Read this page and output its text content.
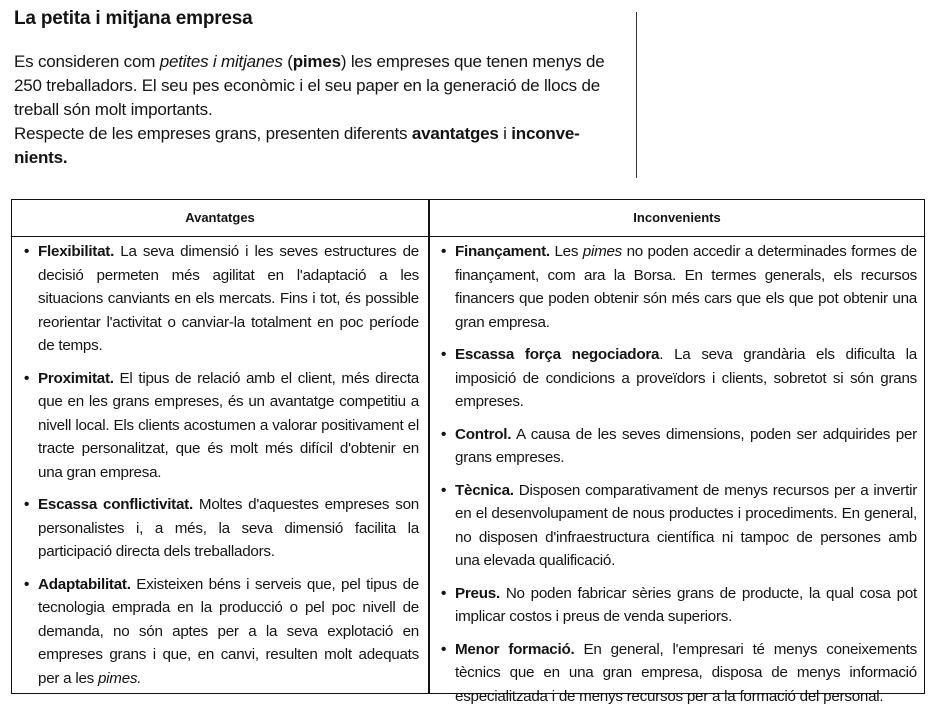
La petita i mitjana empresa
Es consideren com petites i mitjanes (pimes) les empreses que tenen menys de 250 treballadors. El seu pes econòmic i el seu paper en la generació de llocs de treball són molt importants.
Respecte de les empreses grans, presenten diferents avantatges i inconve-nients.
Avantatges	Inconvenients
• Flexibilitat. La seva dimensió i les seves estructures de decisió permeten més agilitat en l'adaptació a les situacions canviants en els mercats. Fins i tot, és possible reorientar l'activitat o canviar-la totalment en poc període de temps.
• Proximitat. El tipus de relació amb el client, més directa que en les grans empreses, és un avantatge competitiu a nivell local. Els clients acostumen a valorar positivament el tracte personalitzat, que és molt més difícil d'obtenir en una gran empresa.
• Escassa conflictivitat. Moltes d'aquestes empreses son personalistes i, a més, la seva dimensió facilita la participació directa dels treballadors.
• Adaptabilitat. Existeixen béns i serveis que, pel tipus de tecnologia emprada en la producció o pel poc nivell de demanda, no són aptes per a la seva explotació en empreses grans i que, en canvi, resulten molt adequats per a les pimes.
• Finançament. Les pimes no poden accedir a determinades formes de finançament, com ara la Borsa. En termes generals, els recursos financers que poden obtenir són més cars que els que pot obtenir una gran empresa.
• Escassa força negociadora. La seva grandària els dificulta la imposició de condicions a proveïdors i clients, sobretot si són grans empreses.
• Control. A causa de les seves dimensions, poden ser adquirides per grans empreses.
• Tècnica. Disposen comparativament de menys recursos per a invertir en el desenvolupament de nous productes i procediments. En general, no disposen d'infraestructura científica ni tampoc de persones amb una elevada qualificació.
• Preus. No poden fabricar sèries grans de producte, la qual cosa pot implicar costos i preus de venda superiors.
• Menor formació. En general, l'empresari té menys coneixements tècnics que en una gran empresa, disposa de menys informació especialitzada i de menys recursos per a la formació del personal.
